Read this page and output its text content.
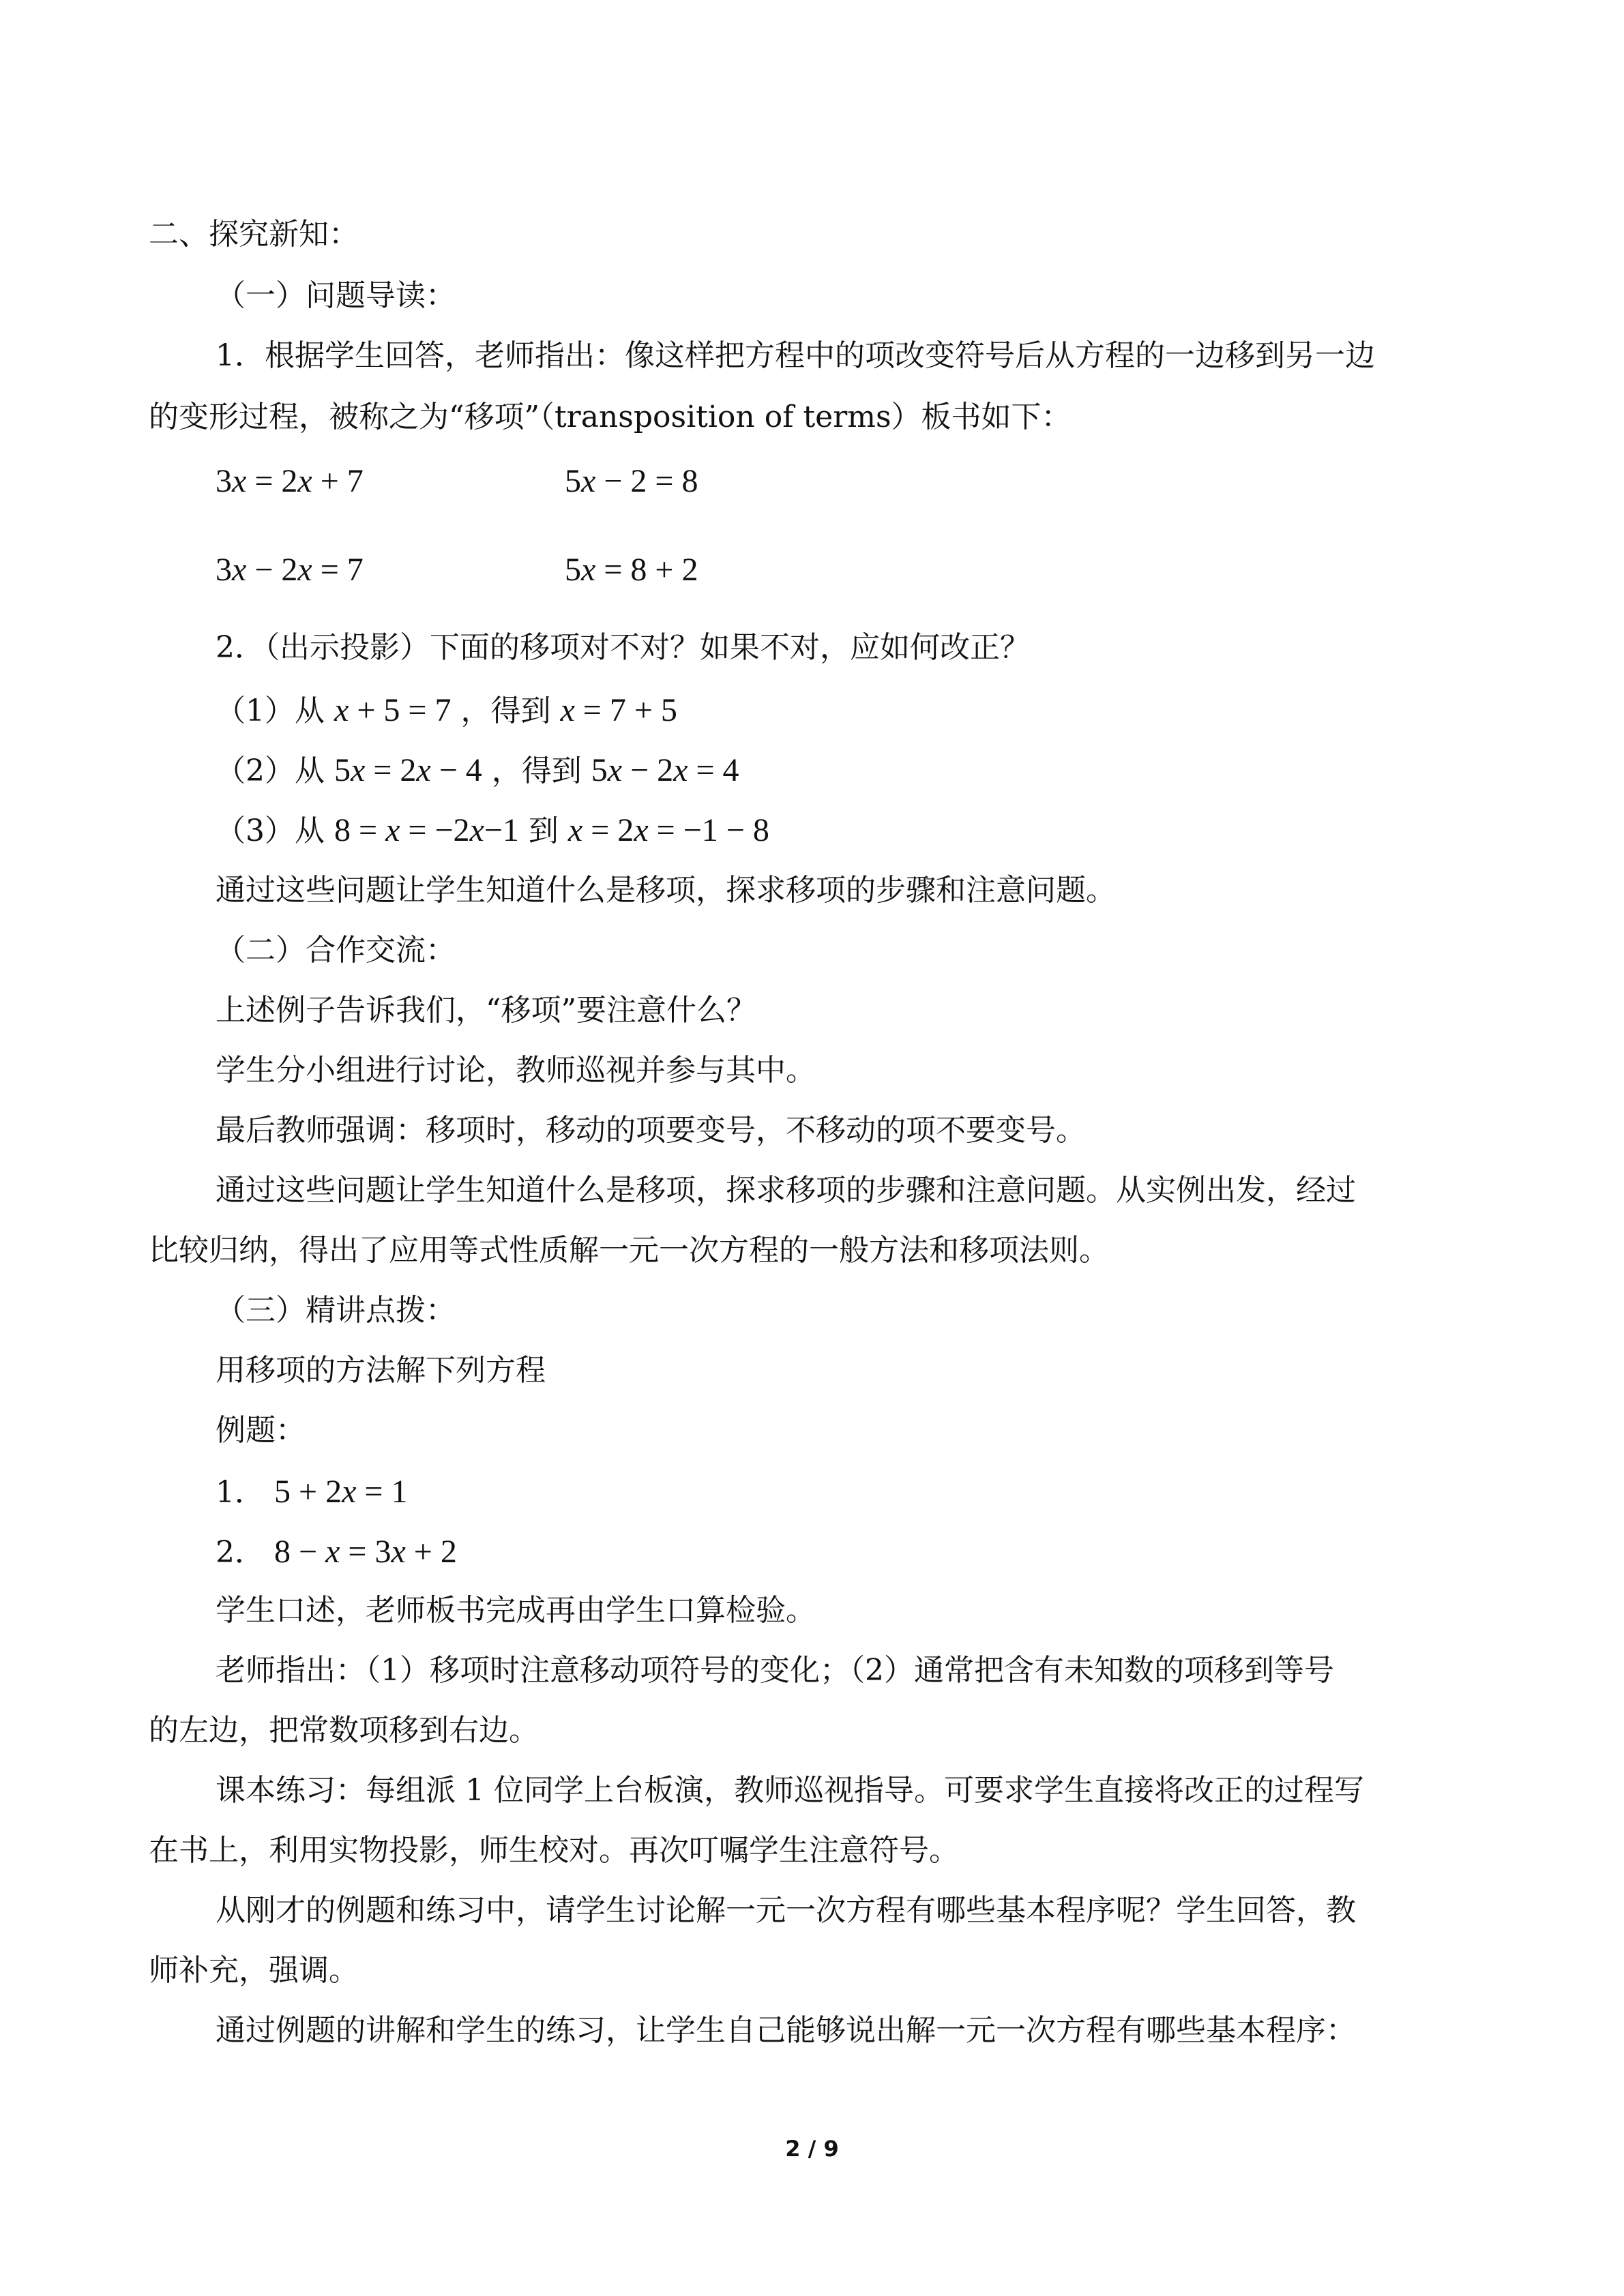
二、探究新知：
（一）问题导读：
1．根据学生回答，老师指出：像这样把方程中的项改变符号后从方程的一边移到另一边
的变形过程，被称之为“移项”（transposition of terms）板书如下：
3x = 2x + 7	5x − 2 = 8
3x − 2x = 7	5x = 8 + 2
2．（出示投影）下面的移项对不对？如果不对，应如何改正？
（1）从 x + 5 = 7 ，得到 x = 7 + 5
（2）从 5x = 2x − 4 ，得到 5x − 2x = 4
（3）从 8 = x = −2x−1 到 x = 2x = −1 − 8
通过这些问题让学生知道什么是移项，探求移项的步骤和注意问题。
（二）合作交流：
上述例子告诉我们，“移项”要注意什么？
学生分小组进行讨论，教师巡视并参与其中。
最后教师强调：移项时，移动的项要变号，不移动的项不要变号。
通过这些问题让学生知道什么是移项，探求移项的步骤和注意问题。从实例出发，经过
比较归纳，得出了应用等式性质解一元一次方程的一般方法和移项法则。
（三）精讲点拨：
用移项的方法解下列方程
例题：
1． 5 + 2x = 1
2． 8 − x = 3x + 2
学生口述，老师板书完成再由学生口算检验。
老师指出：（1）移项时注意移动项符号的变化；（2）通常把含有未知数的项移到等号
的左边，把常数项移到右边。
课本练习：每组派 1 位同学上台板演，教师巡视指导。可要求学生直接将改正的过程写
在书上，利用实物投影，师生校对。再次叮嘱学生注意符号。
从刚才的例题和练习中，请学生讨论解一元一次方程有哪些基本程序呢？学生回答，教
师补充，强调。
通过例题的讲解和学生的练习，让学生自己能够说出解一元一次方程有哪些基本程序：
2 / 9
